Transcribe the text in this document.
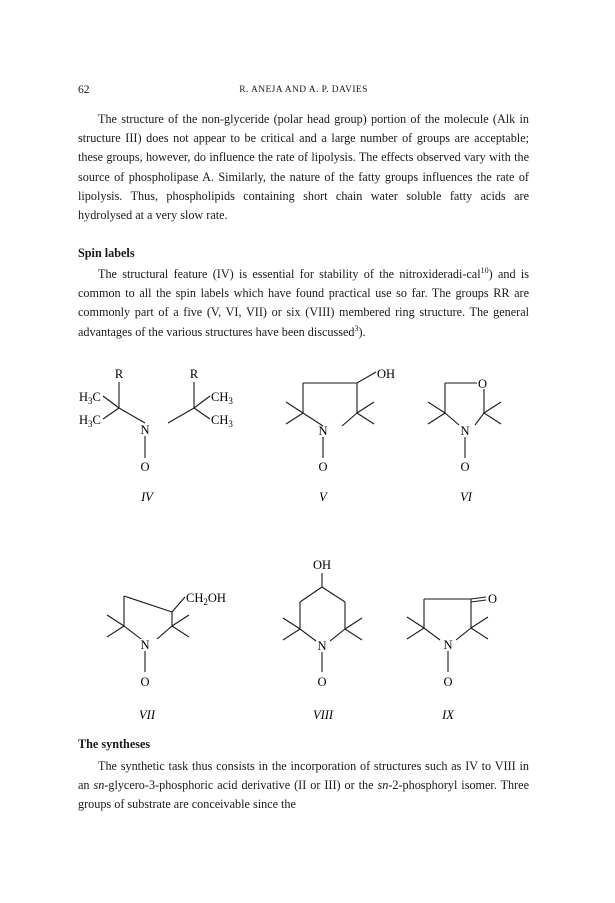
62	R. ANEJA AND A. P. DAVIES

The structure of the non-glyceride (polar head group) portion of the molecule (Alk in structure III) does not appear to be critical and a large number of groups are acceptable; these groups, however, do influence the rate of lipolysis. The effects observed vary with the source of phospholipase A. Similarly, the nature of the fatty groups influences the rate of lipolysis. Thus, phospholipids containing short chain water soluble fatty acids are hydrolysed at a very slow rate.

Spin labels

The structural feature (IV) is essential for stability of the nitroxideradi-cal$^{10}$) and is common to all the spin labels which have found practical use so far. The groups RR are commonly part of a five (V, VI, VII) or six (VIII) membered ring structure. The general advantages of the various structures have been discussed$^3$).

R	R
$H_3C$
$H_3C$
$CH_3$
$CH_3$
N
O
OH
N
O
O
N
O
$CH_2OH$
N
O
OH
N
O
O
N
O
IV	V	VI
VII	VIII	IX

The syntheses

The synthetic task thus consists in the incorporation of structures such as IV to VIII in an sn-glycero-3-phosphoric acid derivative (II or III) or the sn-2-phosphoryl isomer. Three groups of substrate are conceivable since the
